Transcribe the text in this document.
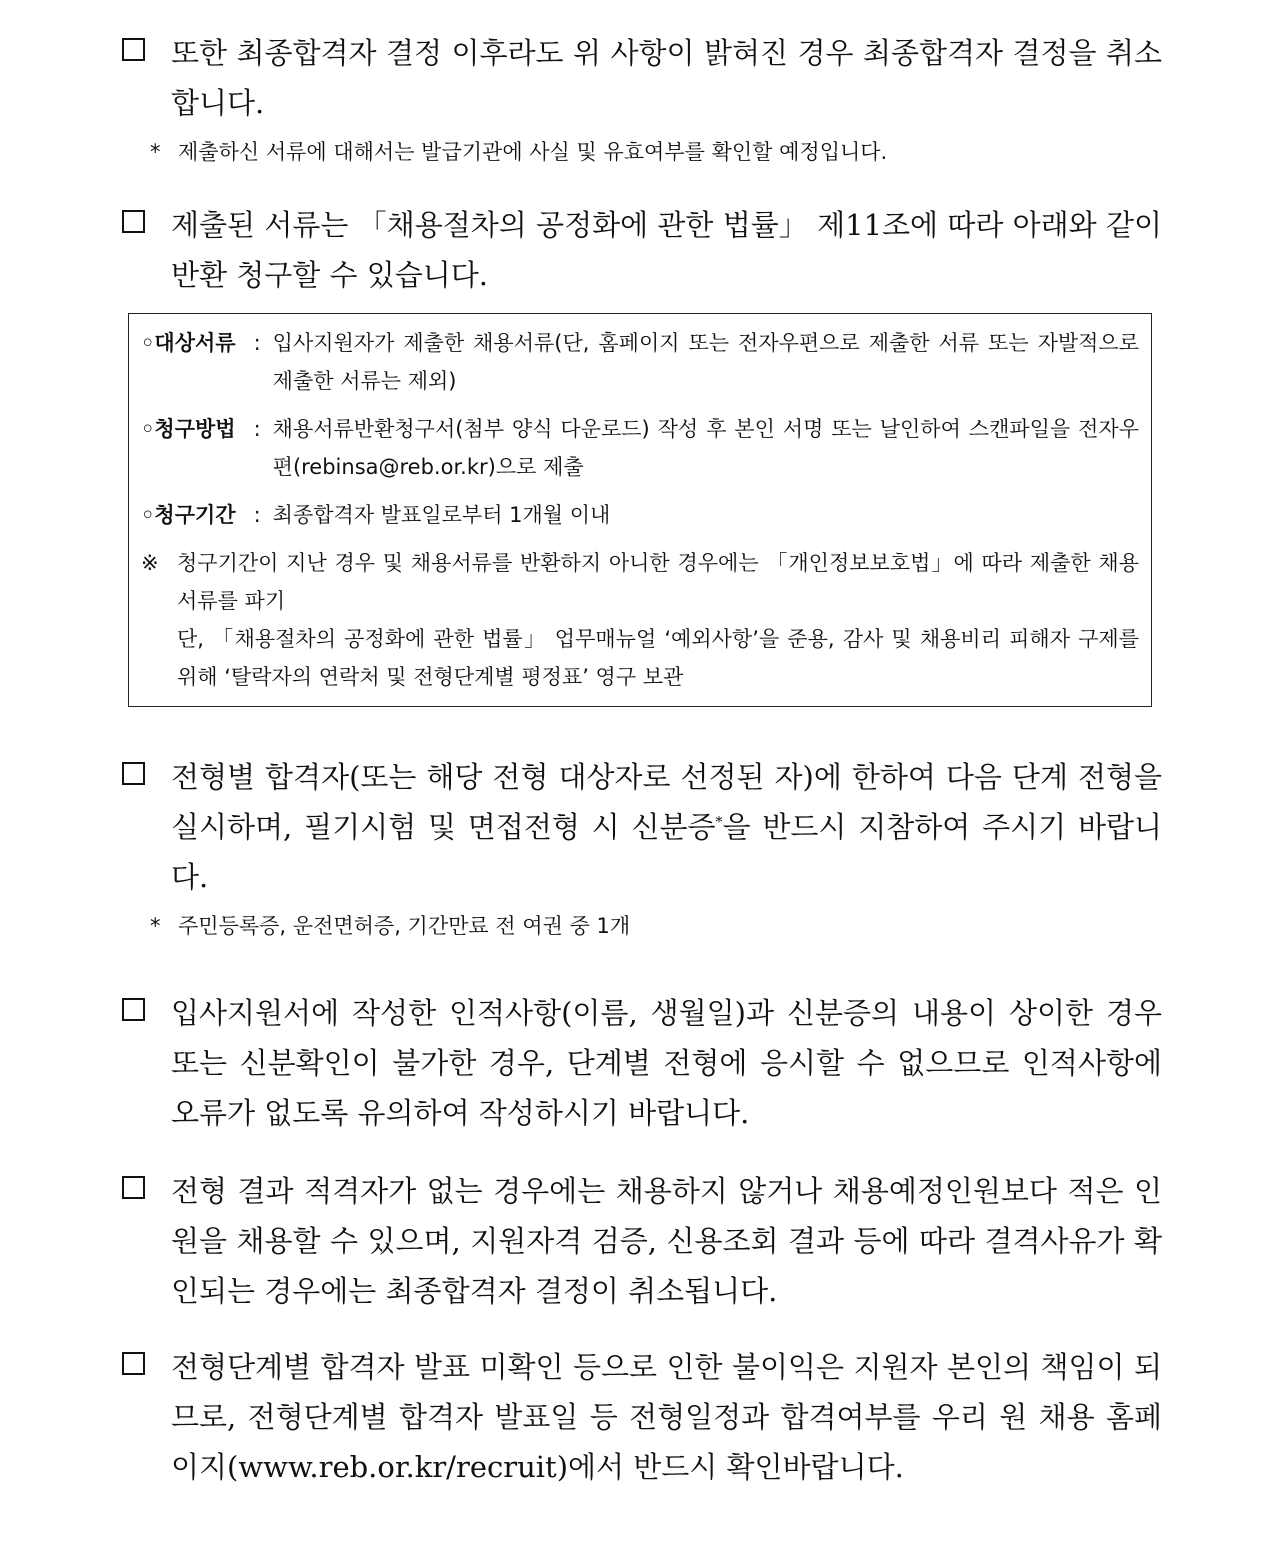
또한 최종합격자 결정 이후라도 위 사항이 밝혀진 경우 최종합격자 결정을 취소합니다.
* 제출하신 서류에 대해서는 발급기관에 사실 및 유효여부를 확인할 예정입니다.
제출된 서류는 「채용절차의 공정화에 관한 법률」 제11조에 따라 아래와 같이 반환 청구할 수 있습니다.
◦대상서류 : 입사지원자가 제출한 채용서류(단, 홈페이지 또는 전자우편으로 제출한 서류 또는 자발적으로 제출한 서류는 제외)
◦청구방법 : 채용서류반환청구서(첨부 양식 다운로드) 작성 후 본인 서명 또는 날인하여 스캔파일을 전자우편(rebinsa@reb.or.kr)으로 제출
◦청구기간 : 최종합격자 발표일로부터 1개월 이내
※ 청구기간이 지난 경우 및 채용서류를 반환하지 아니한 경우에는 「개인정보보호법」에 따라 제출한 채용서류를 파기
단, 「채용절차의 공정화에 관한 법률」 업무매뉴얼 ‘예외사항’을 준용, 감사 및 채용비리 피해자 구제를 위해 ‘탈락자의 연락처 및 전형단계별 평정표’ 영구 보관
전형별 합격자(또는 해당 전형 대상자로 선정된 자)에 한하여 다음 단계 전형을 실시하며, 필기시험 및 면접전형 시 신분증*을 반드시 지참하여 주시기 바랍니다.
* 주민등록증, 운전면허증, 기간만료 전 여권 중 1개
입사지원서에 작성한 인적사항(이름, 생월일)과 신분증의 내용이 상이한 경우 또는 신분확인이 불가한 경우, 단계별 전형에 응시할 수 없으므로 인적사항에 오류가 없도록 유의하여 작성하시기 바랍니다.
전형 결과 적격자가 없는 경우에는 채용하지 않거나 채용예정인원보다 적은 인원을 채용할 수 있으며, 지원자격 검증, 신용조회 결과 등에 따라 결격사유가 확인되는 경우에는 최종합격자 결정이 취소됩니다.
전형단계별 합격자 발표 미확인 등으로 인한 불이익은 지원자 본인의 책임이 되므로, 전형단계별 합격자 발표일 등 전형일정과 합격여부를 우리 원 채용 홈페이지(www.reb.or.kr/recruit)에서 반드시 확인바랍니다.
